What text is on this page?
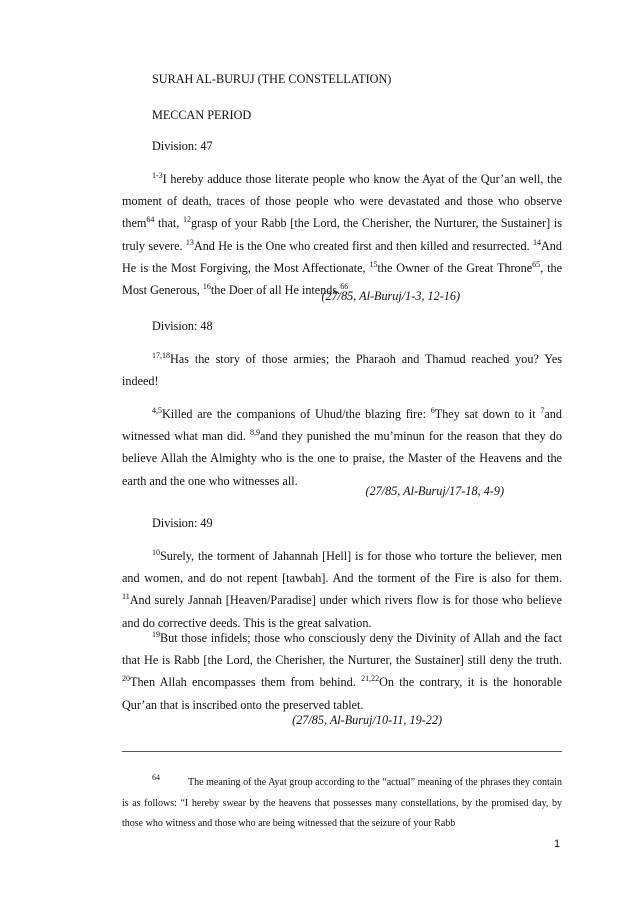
SURAH AL-BURUJ (THE CONSTELLATION)
MECCAN PERIOD
Division: 47

$^{1-3}$I hereby adduce those literate people who know the Ayat of the Qur’an well, the moment of death, traces of those people who were devastated and those who observe them$^{64}$ that, $^{12}$grasp of your Rabb [the Lord, the Cherisher, the Nurturer, the Sustainer] is truly severe. $^{13}$And He is the One who created first and then killed and resurrected. $^{14}$And He is the Most Forgiving, the Most Affectionate, $^{15}$the Owner of the Great Throne$^{65}$, the Most Generous, $^{16}$the Doer of all He intends.$^{66}$

(27/85, Al-Buruj/1-3, 12-16)

Division: 48

$^{17,18}$Has the story of those armies; the Pharaoh and Thamud reached you? Yes indeed!

$^{4,5}$Killed are the companions of Uhud/the blazing fire: $^6$They sat down to it $^7$and witnessed what man did. $^{8,9}$and they punished the mu’minun for the reason that they do believe Allah the Almighty who is the one to praise, the Master of the Heavens and the earth and the one who witnesses all.

(27/85, Al-Buruj/17-18, 4-9)

Division: 49

$^{10}$Surely, the torment of Jahannah [Hell] is for those who torture the believer, men and women, and do not repent [tawbah]. And the torment of the Fire is also for them. $^{11}$And surely Jannah [Heaven/Paradise] under which rivers flow is for those who believe and do corrective deeds. This is the great salvation.

$^{19}$But those infidels; those who consciously deny the Divinity of Allah and the fact that He is Rabb [the Lord, the Cherisher, the Nurturer, the Sustainer] still deny the truth. $^{20}$Then Allah encompasses them from behind. $^{21,22}$On the contrary, it is the honorable Qur’an that is inscribed onto the preserved tablet.

(27/85, Al-Buruj/10-11, 19-22)

$^{64}$	The meaning of the Ayat group according to the “actual” meaning of the phrases they contain is as follows: “I hereby swear by the heavens that possesses many constellations, by the promised day, by those who witness and those who are being witnessed that the seizure of your Rabb

1
